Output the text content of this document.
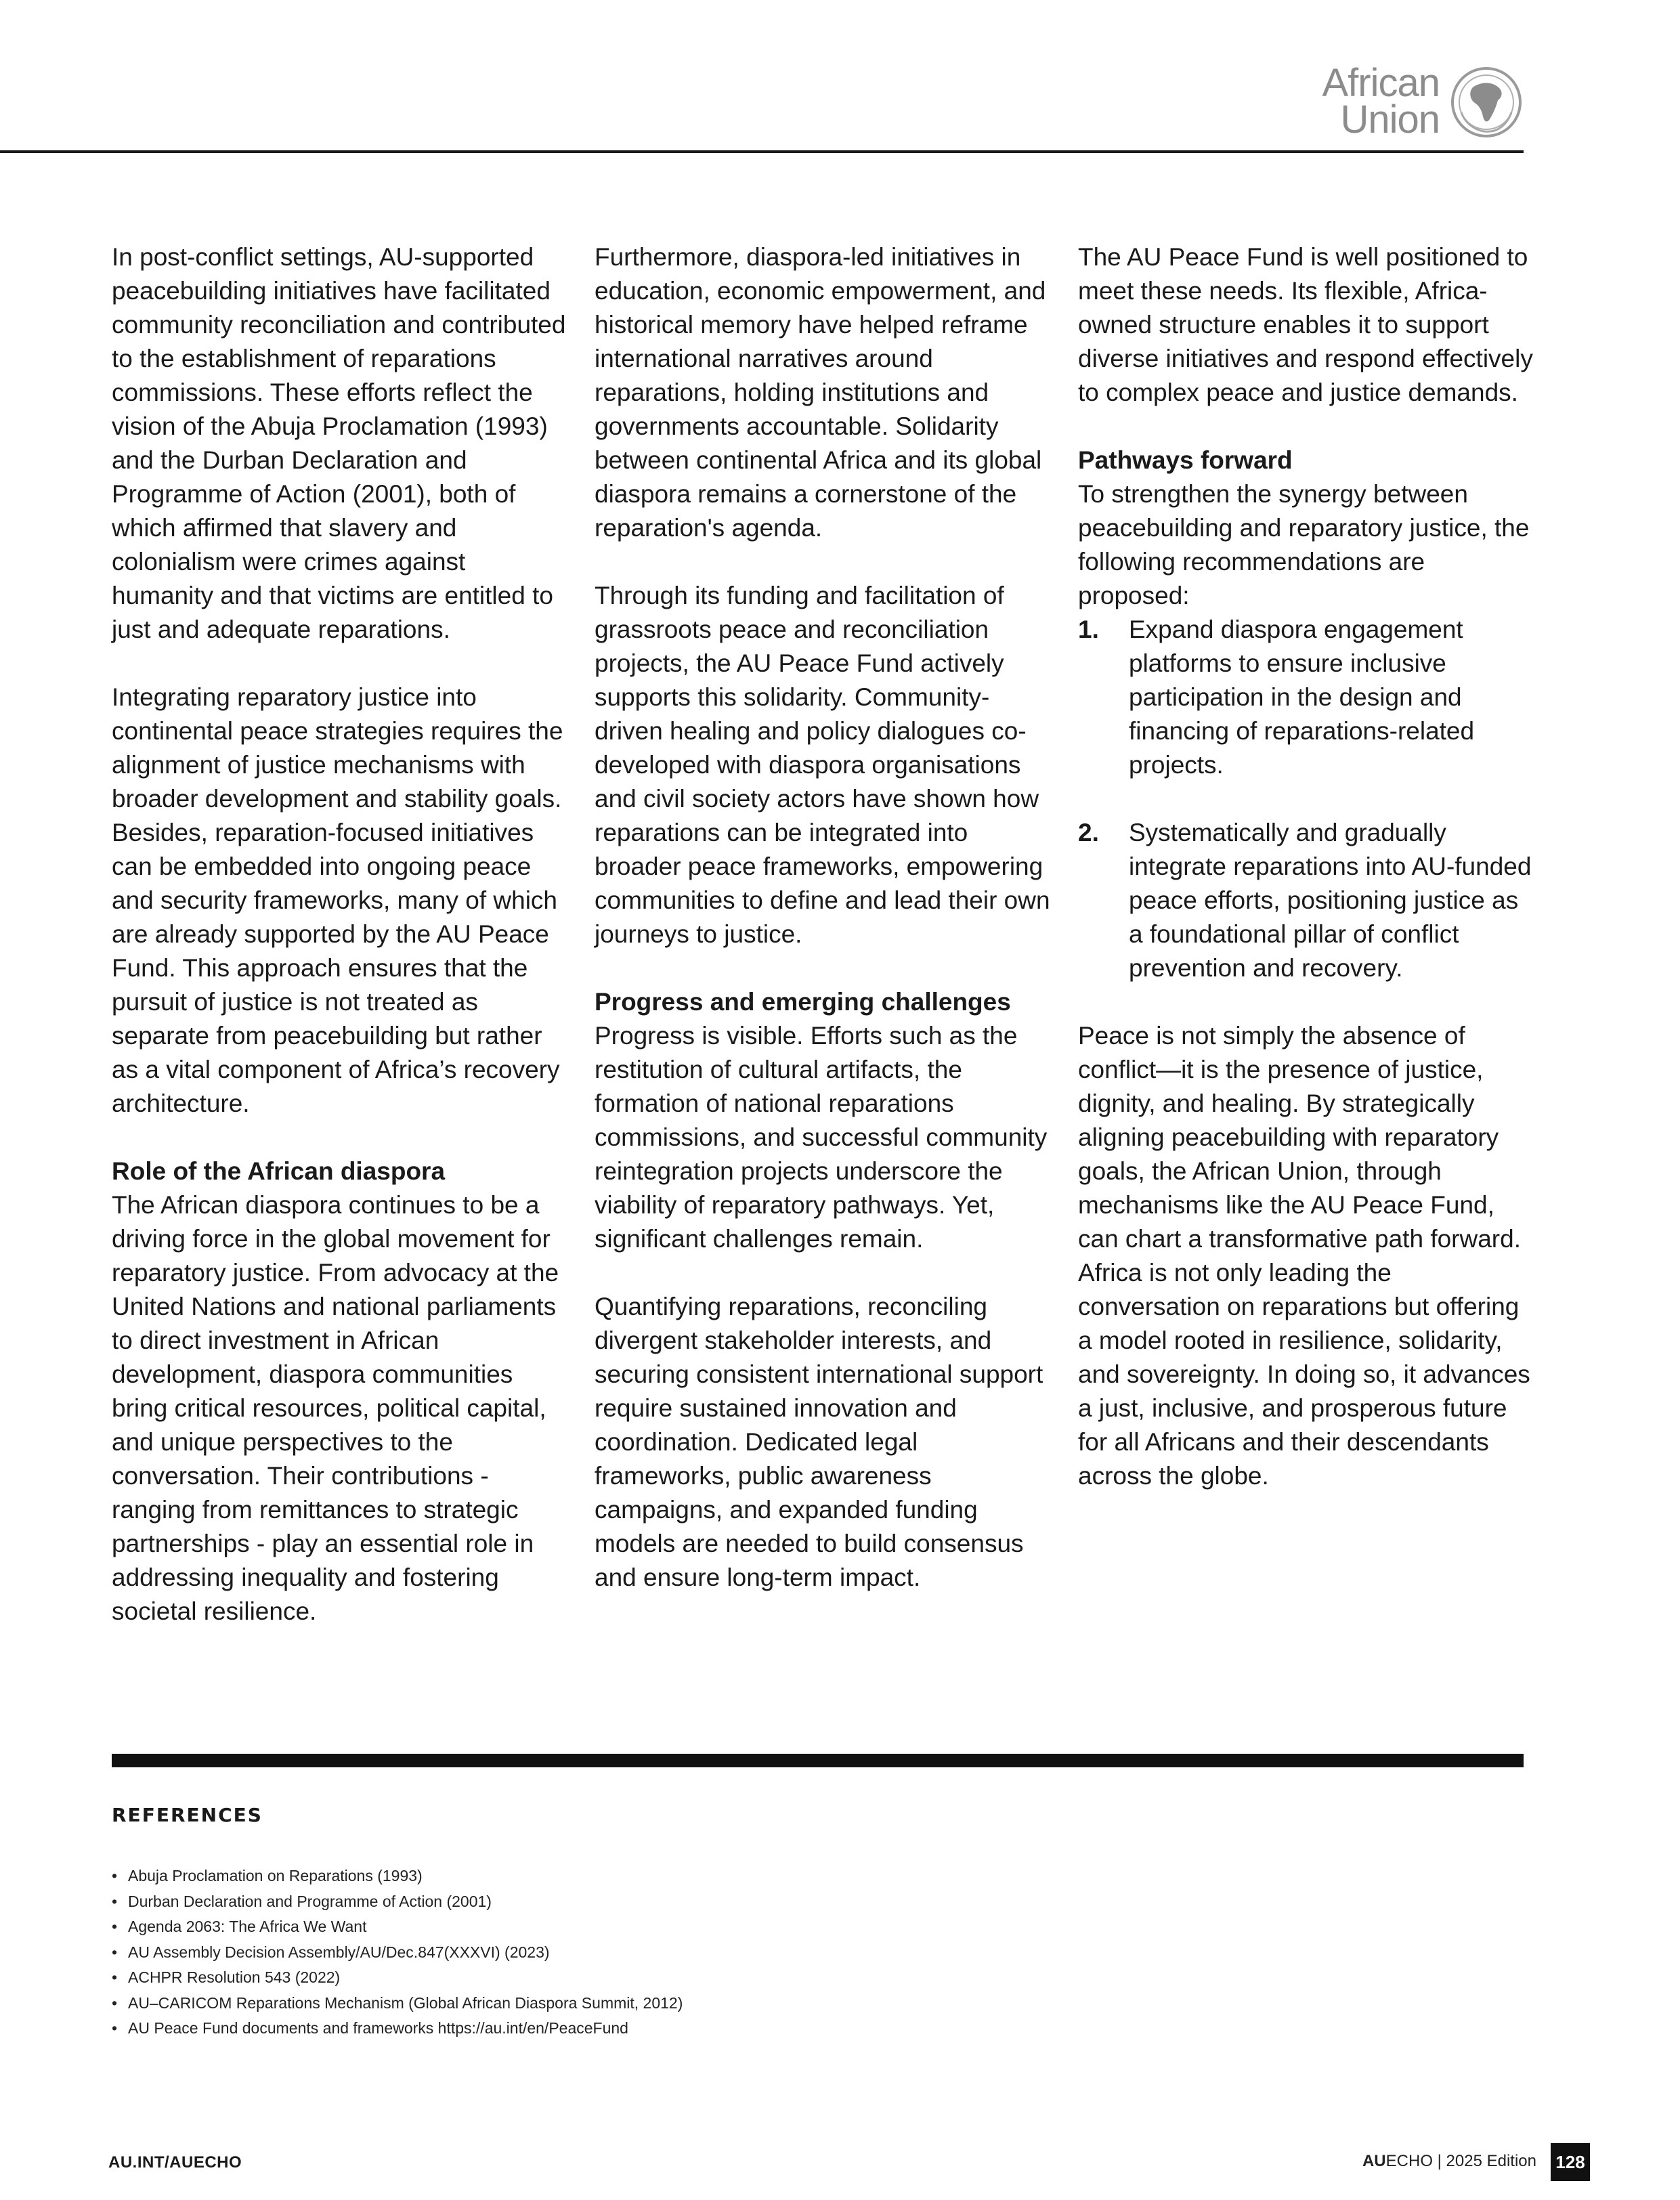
African
Union

In post-conflict settings, AU-supported peacebuilding initiatives have facilitated community reconciliation and contributed to the establishment of reparations commissions. These efforts reflect the vision of the Abuja Proclamation (1993) and the Durban Declaration and Programme of Action (2001), both of which affirmed that slavery and colonialism were crimes against humanity and that victims are entitled to just and adequate reparations.

Integrating reparatory justice into continental peace strategies requires the alignment of justice mechanisms with broader development and stability goals. Besides, reparation-focused initiatives can be embedded into ongoing peace and security frameworks, many of which are already supported by the AU Peace Fund. This approach ensures that the pursuit of justice is not treated as separate from peacebuilding but rather as a vital component of Africa’s recovery architecture.

Role of the African diaspora

The African diaspora continues to be a driving force in the global movement for reparatory justice. From advocacy at the United Nations and national parliaments to direct investment in African development, diaspora communities bring critical resources, political capital, and unique perspectives to the conversation. Their contributions - ranging from remittances to strategic partnerships - play an essential role in addressing inequality and fostering societal resilience.

Furthermore, diaspora-led initiatives in education, economic empowerment, and historical memory have helped reframe international narratives around reparations, holding institutions and governments accountable. Solidarity between continental Africa and its global diaspora remains a cornerstone of the reparation's agenda.

Through its funding and facilitation of grassroots peace and reconciliation projects, the AU Peace Fund actively supports this solidarity. Community-driven healing and policy dialogues co-developed with diaspora organisations and civil society actors have shown how reparations can be integrated into broader peace frameworks, empowering communities to define and lead their own journeys to justice.

Progress and emerging challenges

Progress is visible. Efforts such as the restitution of cultural artifacts, the formation of national reparations commissions, and successful community reintegration projects underscore the viability of reparatory pathways. Yet, significant challenges remain.

Quantifying reparations, reconciling divergent stakeholder interests, and securing consistent international support require sustained innovation and coordination. Dedicated legal frameworks, public awareness campaigns, and expanded funding models are needed to build consensus and ensure long-term impact.

The AU Peace Fund is well positioned to meet these needs. Its flexible, Africa-owned structure enables it to support diverse initiatives and respond effectively to complex peace and justice demands.

Pathways forward

To strengthen the synergy between peacebuilding and reparatory justice, the following recommendations are proposed:

1. Expand diaspora engagement platforms to ensure inclusive participation in the design and financing of reparations-related projects.
2. Systematically and gradually integrate reparations into AU-funded peace efforts, positioning justice as a foundational pillar of conflict prevention and recovery.

Peace is not simply the absence of conflict—it is the presence of justice, dignity, and healing. By strategically aligning peacebuilding with reparatory goals, the African Union, through mechanisms like the AU Peace Fund, can chart a transformative path forward. Africa is not only leading the conversation on reparations but offering a model rooted in resilience, solidarity, and sovereignty. In doing so, it advances a just, inclusive, and prosperous future for all Africans and their descendants across the globe.

REFERENCES
• Abuja Proclamation on Reparations (1993)
• Durban Declaration and Programme of Action (2001)
• Agenda 2063: The Africa We Want
• AU Assembly Decision Assembly/AU/Dec.847(XXXVI) (2023)
• ACHPR Resolution 543 (2022)
• AU–CARICOM Reparations Mechanism (Global African Diaspora Summit, 2012)
• AU Peace Fund documents and frameworks https://au.int/en/PeaceFund
AU.INT/AUECHO	AUECHO | 2025 Edition 128
